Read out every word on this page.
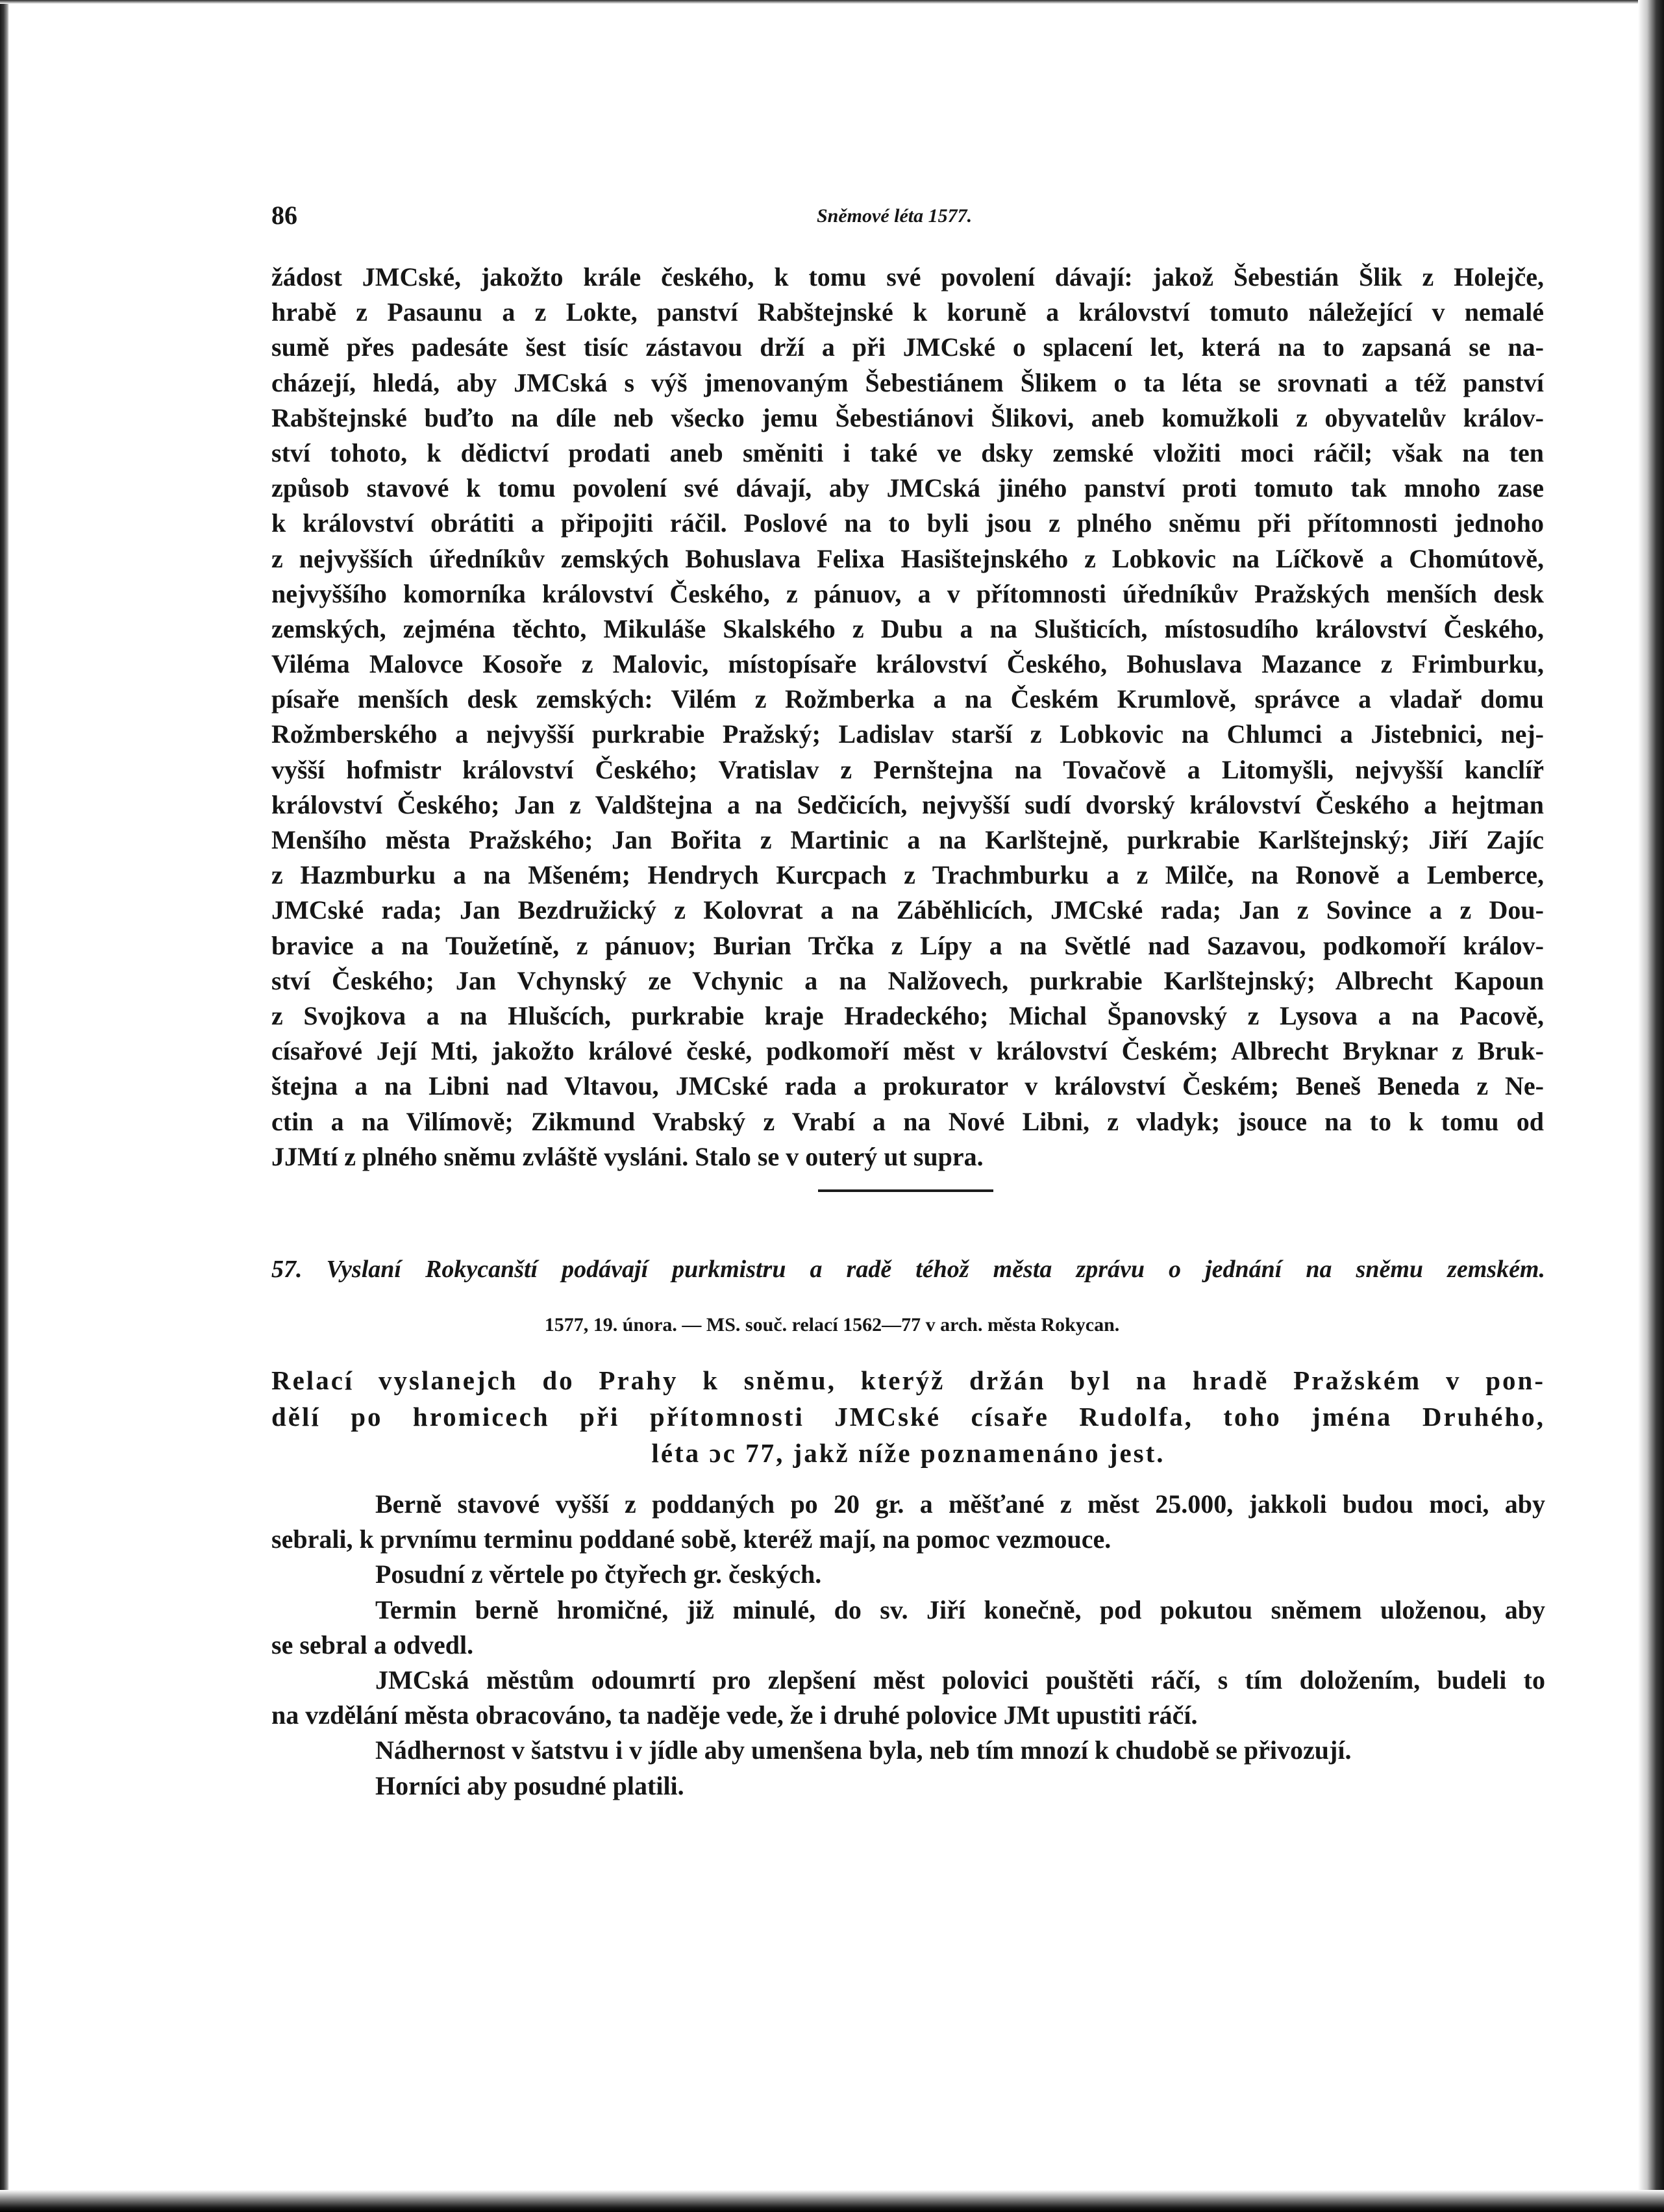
86	Sněmové léta 1577.
žádost JMCské, jakožto krále českého, k tomu své povolení dávají: jakož Šebestián Šlik z Holejče,
hrabě z Pasaunu a z Lokte, panství Rabštejnské k koruně a království tomuto náležející v nemalé
sumě přes padesáte šest tisíc zástavou drží a při JMCské o splacení let, která na to zapsaná se na-
cházejí, hledá, aby JMCská s výš jmenovaným Šebestiánem Šlikem o ta léta se srovnati a též panství
Rabštejnské buďto na díle neb všecko jemu Šebestiánovi Šlikovi, aneb komužkoli z obyvatelův králov-
ství tohoto, k dědictví prodati aneb směniti i také ve dsky zemské vložiti moci ráčil; však na ten
způsob stavové k tomu povolení své dávají, aby JMCská jiného panství proti tomuto tak mnoho zase
k království obrátiti a připojiti ráčil. Poslové na to byli jsou z plného sněmu při přítomnosti jednoho
z nejvyšších úředníkův zemských Bohuslava Felixa Hasištejnského z Lobkovic na Líčkově a Chomútově,
nejvyššího komorníka království Českého, z pánuov, a v přítomnosti úředníkův Pražských menších desk
zemských, zejména těchto, Mikuláše Skalského z Dubu a na Slušticích, místosudího království Českého,
Viléma Malovce Kosoře z Malovic, místopísaře království Českého, Bohuslava Mazance z Frimburku,
písaře menších desk zemských: Vilém z Rožmberka a na Českém Krumlově, správce a vladař domu
Rožmberského a nejvyšší purkrabie Pražský; Ladislav starší z Lobkovic na Chlumci a Jistebnici, nej-
vyšší hofmistr království Českého; Vratislav z Pernštejna na Tovačově a Litomyšli, nejvyšší kanclíř
království Českého; Jan z Valdštejna a na Sedčicích, nejvyšší sudí dvorský království Českého a hejtman
Menšího města Pražského; Jan Bořita z Martinic a na Karlštejně, purkrabie Karlštejnský; Jiří Zajíc
z Hazmburku a na Mšeném; Hendrych Kurcpach z Trachmburku a z Milče, na Ronově a Lemberce,
JMCské rada; Jan Bezdružický z Kolovrat a na Záběhlicích, JMCské rada; Jan z Sovince a z Dou-
bravice a na Toužetíně, z pánuov; Burian Trčka z Lípy a na Světlé nad Sazavou, podkomoří králov-
ství Českého; Jan Vchynský ze Vchynic a na Nalžovech, purkrabie Karlštejnský; Albrecht Kapoun
z Svojkova a na Hlušcích, purkrabie kraje Hradeckého; Michal Španovský z Lysova a na Pacově,
císařové Její Mti, jakožto králové české, podkomoří měst v království Českém; Albrecht Bryknar z Bruk-
štejna a na Libni nad Vltavou, JMCské rada a prokurator v království Českém; Beneš Beneda z Ne-
ctin a na Vilímově; Zikmund Vrabský z Vrabí a na Nové Libni, z vladyk; jsouce na to k tomu od
JJMtí z plného sněmu zvláště vysláni. Stalo se v outerý ut supra.
57. Vyslaní Rokycanští podávají purkmistru a radě téhož města zprávu o jednání na sněmu zemském.
1577, 19. února. — MS. souč. relací 1562—77 v arch. města Rokycan.
Relací vyslanejch do Prahy k sněmu, kterýž držán byl na hradě Pražském v pon-
dělí po hromicech při přítomnosti JMCské císaře Rudolfa, toho jména Druhého,
léta ɔc 77, jakž níže poznamenáno jest.
Berně stavové vyšší z poddaných po 20 gr. a měšťané z měst 25.000, jakkoli budou moci, aby
sebrali, k prvnímu terminu poddané sobě, kteréž mají, na pomoc vezmouce.
Posudní z věrtele po čtyřech gr. českých.
Termin berně hromičné, již minulé, do sv. Jiří konečně, pod pokutou sněmem uloženou, aby
se sebral a odvedl.
JMCská městům odoumrtí pro zlepšení měst polovici pouštěti ráčí, s tím doložením, budeli to
na vzdělání města obracováno, ta naděje vede, že i druhé polovice JMt upustiti ráčí.
Nádhernost v šatstvu i v jídle aby umenšena byla, neb tím mnozí k chudobě se přivozují.
Horníci aby posudné platili.
